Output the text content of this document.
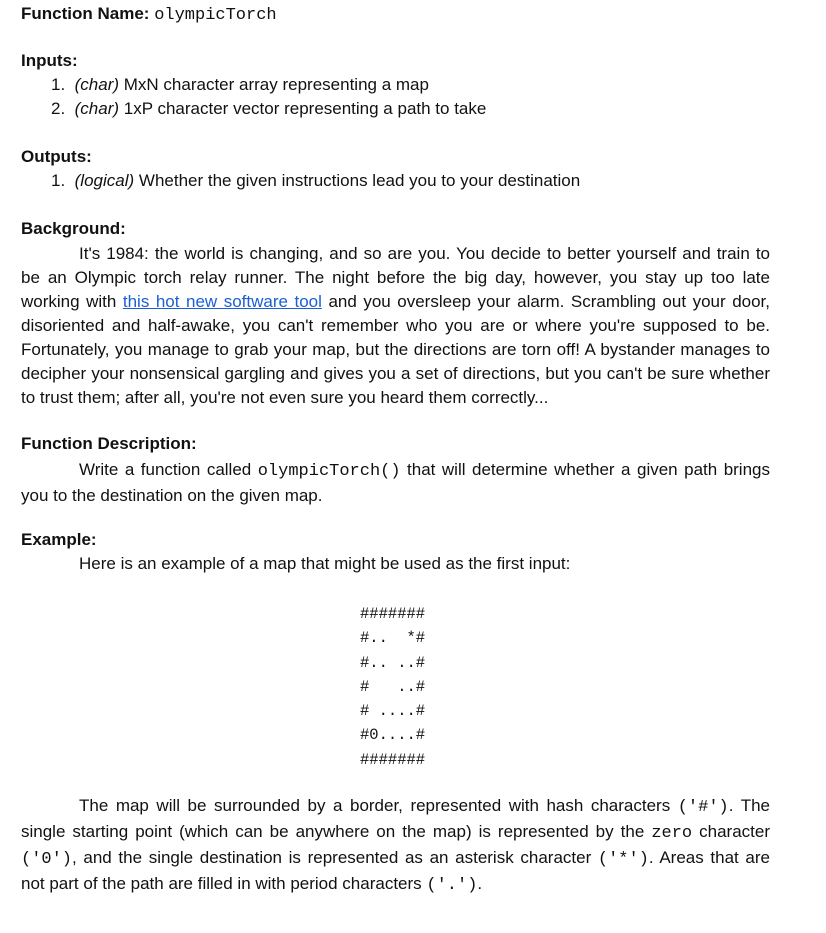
Function Name: olympicTorch
Inputs:
1. (char) MxN character array representing a map
2. (char) 1xP character vector representing a path to take
Outputs:
1. (logical) Whether the given instructions lead you to your destination
Background:
It's 1984: the world is changing, and so are you. You decide to better yourself and train to be an Olympic torch relay runner. The night before the big day, however, you stay up too late working with this hot new software tool and you oversleep your alarm. Scrambling out your door, disoriented and half-awake, you can't remember who you are or where you're supposed to be. Fortunately, you manage to grab your map, but the directions are torn off! A bystander manages to decipher your nonsensical gargling and gives you a set of directions, but you can't be sure whether to trust them; after all, you're not even sure you heard them correctly...
Function Description:
Write a function called olympicTorch() that will determine whether a given path brings you to the destination on the given map.
Example:
Here is an example of a map that might be used as the first input:
#######
#..  *#
#.. ..#
#   ..#
# ....#
#0....#
#######
The map will be surrounded by a border, represented with hash characters ('#'). The single starting point (which can be anywhere on the map) is represented by the zero character ('0'), and the single destination is represented as an asterisk character ('*'). Areas that are not part of the path are filled in with period characters ('.').
